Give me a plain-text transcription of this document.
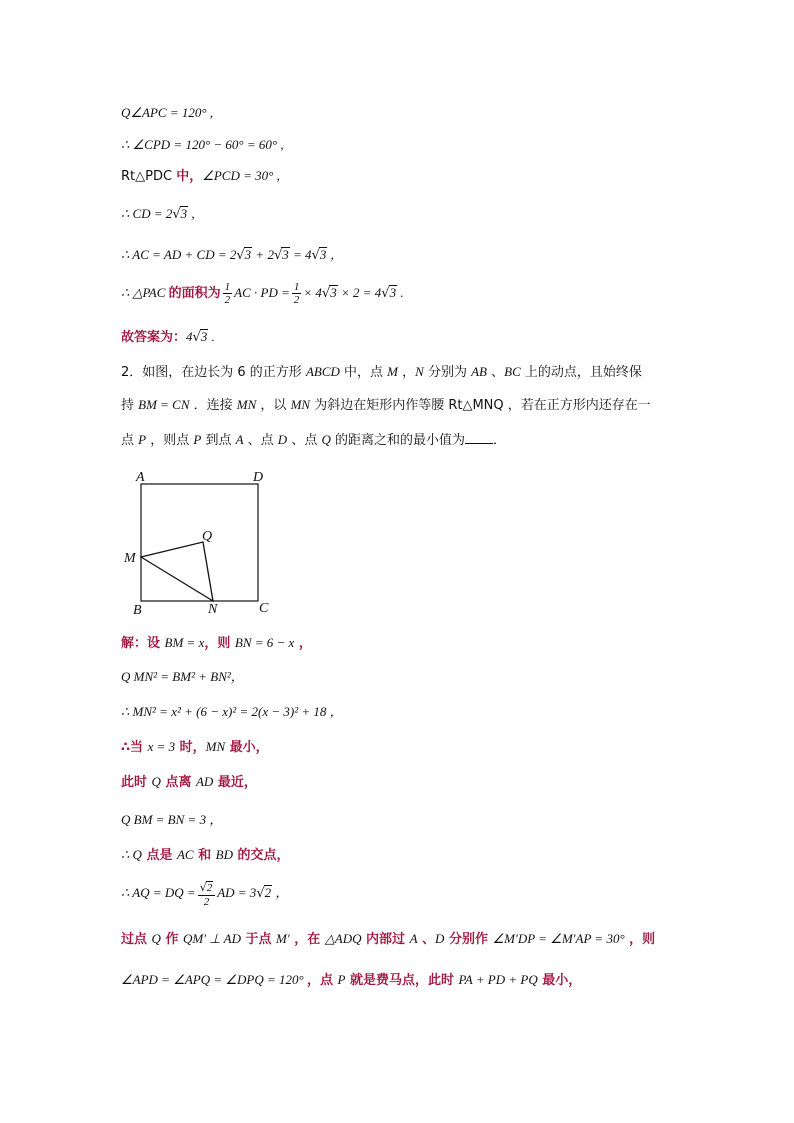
Q∠APC = 120° ,
∴ ∠CPD = 120° − 60° = 60° ,
Rt△PDC 中，∠PCD = 30° ,
∴ CD = 2√3 ,
∴ AC = AD + CD = 2√3 + 2√3 = 4√3 ,
∴ △PAC 的面积为 $\frac{1}{2}$ AC · PD = $\frac{1}{2} \times 4√3 \times 2 = 4√3$ .
故答案为：4√3 .
2．如图，在边长为 6 的正方形 ABCD 中，点 M ，N 分别为 AB 、BC 上的动点，且始终保
持 BM = CN ．连接 MN ，以 MN 为斜边在矩形内作等腰 Rt△MNQ ，若在正方形内还存在一
点 P ，则点 P 到点 A 、点 D 、点 Q 的距离之和的最小值为 ．
A	D
B	C
M
N
Q
解：设 BM = x，则 BN = 6 − x ，
Q MN² = BM² + BN²，
∴ MN² = x² + (6 − x)² = 2(x − 3)² + 18 ，
∴当 x = 3 时，MN 最小，
此时 Q 点离 AD 最近，
Q BM = BN = 3 ，
∴ Q 点是 AC 和 BD 的交点，
∴ AQ = DQ = $\frac{√2}{2}$ AD = 3√2 ，
过点 Q 作 QM′ ⊥ AD 于点 M′ ，在 △ADQ 内部过 A 、D 分别作 ∠M′DP = ∠M′AP = 30° ，则
∠APD = ∠APQ = ∠DPQ = 120° ，点 P 就是费马点，此时 PA + PD + PQ 最小，
